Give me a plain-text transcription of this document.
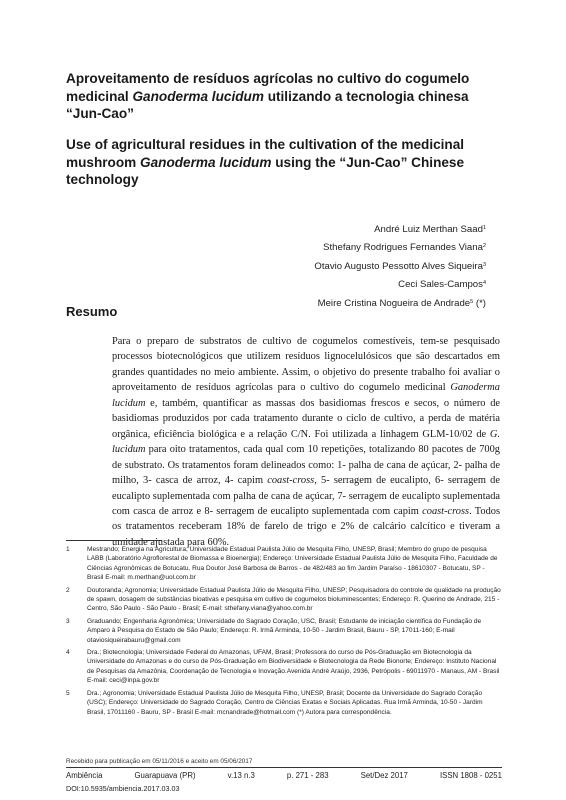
Aproveitamento de resíduos agrícolas no cultivo do cogumelo medicinal Ganoderma lucidum utilizando a tecnologia chinesa “Jun-Cao”
Use of agricultural residues in the cultivation of the medicinal mushroom Ganoderma lucidum using the “Jun-Cao” Chinese technology
André Luiz Merthan Saad$^1$
Sthefany Rodrigues Fernandes Viana$^2$
Otavio Augusto Pessotto Alves Siqueira$^3$
Ceci Sales-Campos$^4$
Meire Cristina Nogueira de Andrade$^5$ (*)
Resumo
Para o preparo de substratos de cultivo de cogumelos comestíveis, tem-se pesquisado processos biotecnológicos que utilizem resíduos lignocelulósicos que são descartados em grandes quantidades no meio ambiente. Assim, o objetivo do presente trabalho foi avaliar o aproveitamento de resíduos agrícolas para o cultivo do cogumelo medicinal Ganoderma lucidum e, também, quantificar as massas dos basidiomas frescos e secos, o número de basidiomas produzidos por cada tratamento durante o ciclo de cultivo, a perda de matéria orgânica, eficiência biológica e a relação C/N. Foi utilizada a linhagem GLM-10/02 de G. lucidum para oito tratamentos, cada qual com 10 repetições, totalizando 80 pacotes de 700g de substrato. Os tratamentos foram delineados como: 1- palha de cana de açúcar, 2- palha de milho, 3- casca de arroz, 4- capim coast-cross, 5- serragem de eucalipto, 6- serragem de eucalipto suplementada com palha de cana de açúcar, 7- serragem de eucalipto suplementada com casca de arroz e 8- serragem de eucalipto suplementada com capim coast-cross. Todos os tratamentos receberam 18% de farelo de trigo e 2% de calcário calcítico e tiveram a umidade ajustada para 60%.
1	Mestrando; Energia na Agricultura; Universidade Estadual Paulista Júlio de Mesquita Filho, UNESP, Brasil; Membro do grupo de pesquisa LABB (Laboratório Agroflorestal de Biomassa e Bioenergia); Endereço: Universidade Estadual Paulista Júlio de Mesquita Filho, Faculdade de Ciências Agronômicas de Botucatu. Rua Doutor José Barbosa de Barros - de 482/483 ao fim Jardim Paraíso - 18610307 - Botucatu, SP - Brasil E-mail: m.merthan@uol.com.br
2	Doutoranda; Agronomia; Universidade Estadual Paulista Júlio de Mesquita Filho, UNESP; Pesquisadora do controle de qualidade na produção de spawn, dosagem de substâncias bioativas e pesquisa em cultivo de cogumelos bioluminescentes; Endereço: R. Querino de Andrade, 215 - Centro, São Paulo - São Paulo - Brasil; E-mail: sthefany.viana@yahoo.com.br
3	Graduando; Engenharia Agronômica; Universidade do Sagrado Coração, USC, Brasil; Estudante de iniciação científica do Fundação de Amparo à Pesquisa do Estado de São Paulo; Endereço: R. Irmã Arminda, 10-50 - Jardim Brasil, Bauru - SP, 17011-160; E-mail otaviosiqueirabauru@gmail.com
4	Dra.; Biotecnologia; Universidade Federal do Amazonas, UFAM, Brasil; Professora do curso de Pós-Graduação em Biotecnologia da Universidade do Amazonas e do curso de Pós-Graduação em Biodiversidade e Biotecnologia da Rede Bionorte; Endereço: Instituto Nacional de Pesquisas da Amazônia, Coordenação de Tecnologia e Inovação.Avenida André Araújo, 2936, Petrópolis - 69011970 - Manaus, AM - Brasil E-mail: ceci@inpa.gov.br
5	Dra.; Agronomia; Universidade Estadual Paulista Júlio de Mesquita Filho, UNESP, Brasil; Docente da Universidade do Sagrado Coração (USC); Endereço: Universidade do Sagrado Coração, Centro de Ciências Exatas e Sociais Aplicadas. Rua Irmã Arminda, 10-50 - Jardim Brasil, 17011160 - Bauru, SP - Brasil E-mail: mcnandrade@hotmail.com (*) Autora para correspondência.
Recebido para publicação em 05/11/2016 e aceito em 05/06/2017
Ambiência	Guarapuava (PR)	v.13 n.3	p. 271 - 283	Set/Dez 2017	ISSN 1808 - 0251
DOI:10.5935/ambiencia.2017.03.03
